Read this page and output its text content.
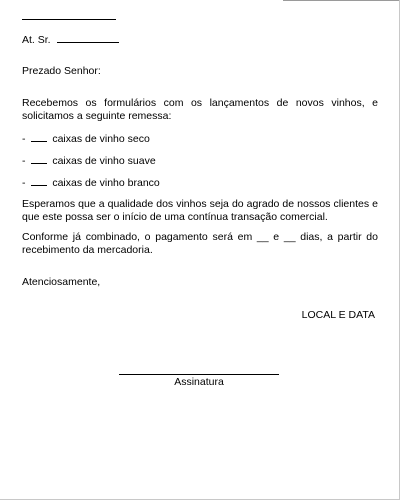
At. Sr.
Prezado Senhor:
Recebemos os formulários com os lançamentos de novos vinhos, e solicitamos a seguinte remessa:
-	caixas de vinho seco
-	caixas de vinho suave
-	caixas de vinho branco
Esperamos que a qualidade dos vinhos seja do agrado de nossos clientes e que este possa ser o início de uma contínua transação comercial.
Conforme já combinado, o pagamento será em __ e __ dias, a partir do recebimento da mercadoria.
Atenciosamente,
LOCAL E DATA
Assinatura
